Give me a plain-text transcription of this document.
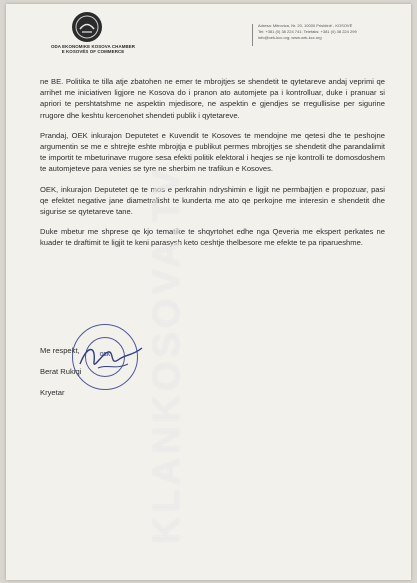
ODA EKONOMIKE KOSOVA CHAMBER
E KOSOVËS OF COMMERCE
Adresa: Mitrovica, Nr. 20, 10000 Prishtinë - KOSOVË
Tel: +381 (0) 38 224 741; Telefaks: +381 (0) 38 224 299
info@oek-kcc.org; www.oek-kcc.org

ne BE. Politika te tilla atje zbatohen ne emer te mbrojtjes se shendetit te qytetareve andaj veprimi qe arrihet me iniciativen ligjore ne Kosova do i pranon ato automjete pa i kontrolluar, duke i pranuar si apriori te pershtatshme ne aspektin mjedisore, ne aspektin e gjendjes se rregullisise per sigurine rrugore dhe keshtu kercenohet shendeti publik i qytetareve.

Prandaj, OEK inkurajon Deputetet e Kuvendit te Kosoves te mendojne me qetesi dhe te peshojne argumentin se me e shtrejte eshte mbrojtja e publikut permes mbrojtjes se shendetit dhe parandalimit te importit te mbeturinave rrugore sesa efekti politik elektoral i heqjes se nje kontrolli te domosdoshem te automjeteve para venies se tyre ne sherbim ne trafikun e Kosoves.

OEK, inkurajon Deputetet qe te mos e perkrahin ndryshimin e ligjit ne permbajtjen e propozuar, pasi qe efektet negative jane diametralisht te kunderta me ato qe perkojne me interesin e shendetit dhe sigurise se qytetareve tane.

Duke mbetur me shprese qe kjo tematike te shqyrtohet edhe nga Qeveria me ekspert perkates ne kuader te draftimit te ligjit te keni parasysh keto ceshtje thelbesore me efekte te pa riparueshme.

Me respekt,
Berat Rukiqi
Kryetar
OEK KLANKOSOVA.TV
